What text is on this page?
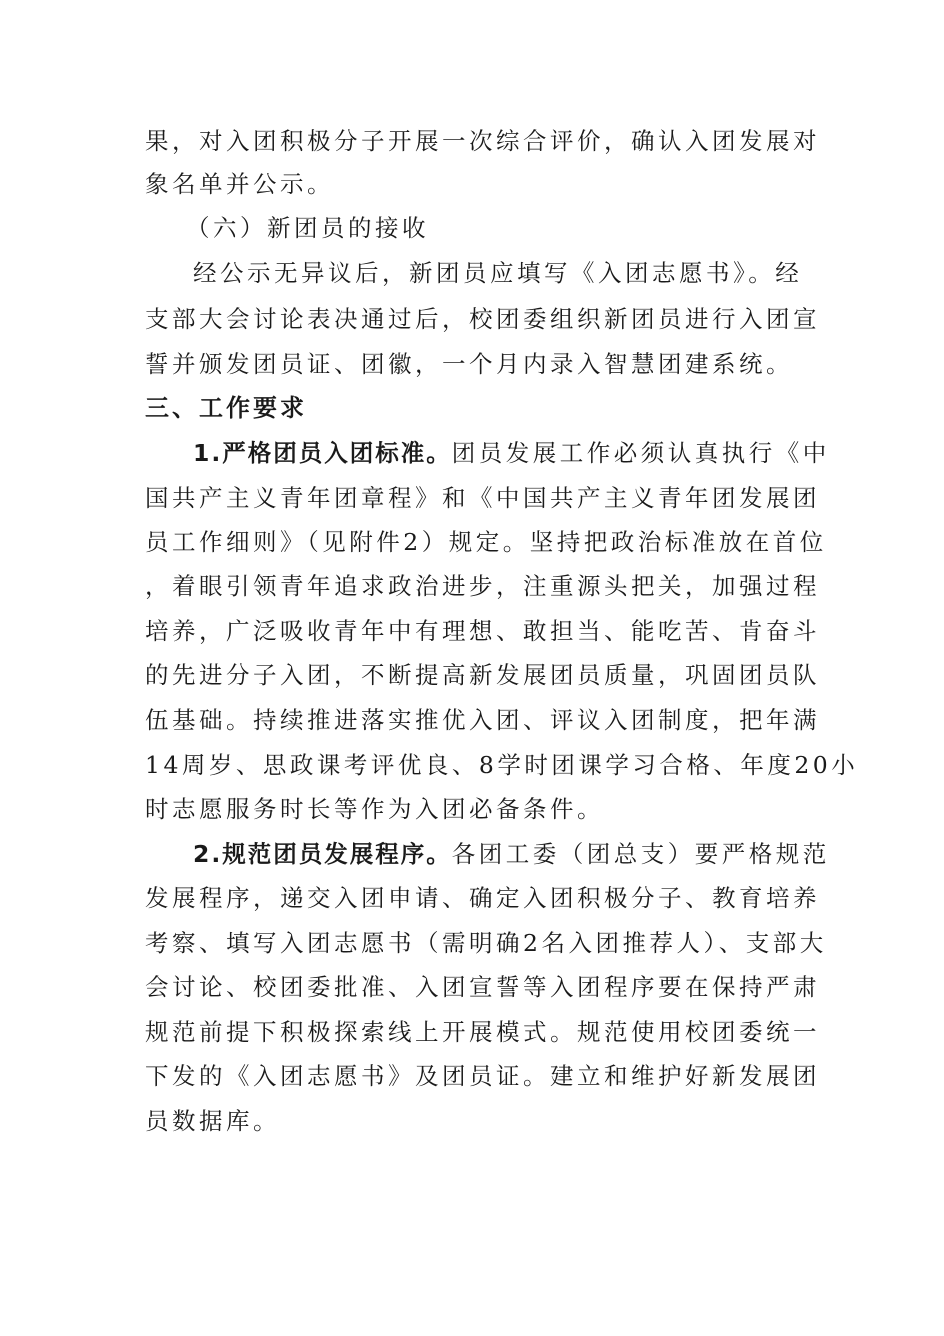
果，对入团积极分子开展一次综合评价，确认入团发展对
象名单并公示。
（六）新团员的接收
经公示无异议后，新团员应填写《入团志愿书》。经
支部大会讨论表决通过后，校团委组织新团员进行入团宣
誓并颁发团员证、团徽，一个月内录入智慧团建系统。
三、工作要求
1.严格团员入团标准。团员发展工作必须认真执行《中
国共产主义青年团章程》和《中国共产主义青年团发展团
员工作细则》（见附件2）规定。坚持把政治标准放在首位
，着眼引领青年追求政治进步，注重源头把关，加强过程
培养，广泛吸收青年中有理想、敢担当、能吃苦、肯奋斗
的先进分子入团，不断提高新发展团员质量，巩固团员队
伍基础。持续推进落实推优入团、评议入团制度，把年满
14周岁、思政课考评优良、8学时团课学习合格、年度20小
时志愿服务时长等作为入团必备条件。
2.规范团员发展程序。各团工委（团总支）要严格规范
发展程序，递交入团申请、确定入团积极分子、教育培养
考察、填写入团志愿书（需明确2名入团推荐人）、支部大
会讨论、校团委批准、入团宣誓等入团程序要在保持严肃
规范前提下积极探索线上开展模式。规范使用校团委统一
下发的《入团志愿书》及团员证。建立和维护好新发展团
员数据库。
